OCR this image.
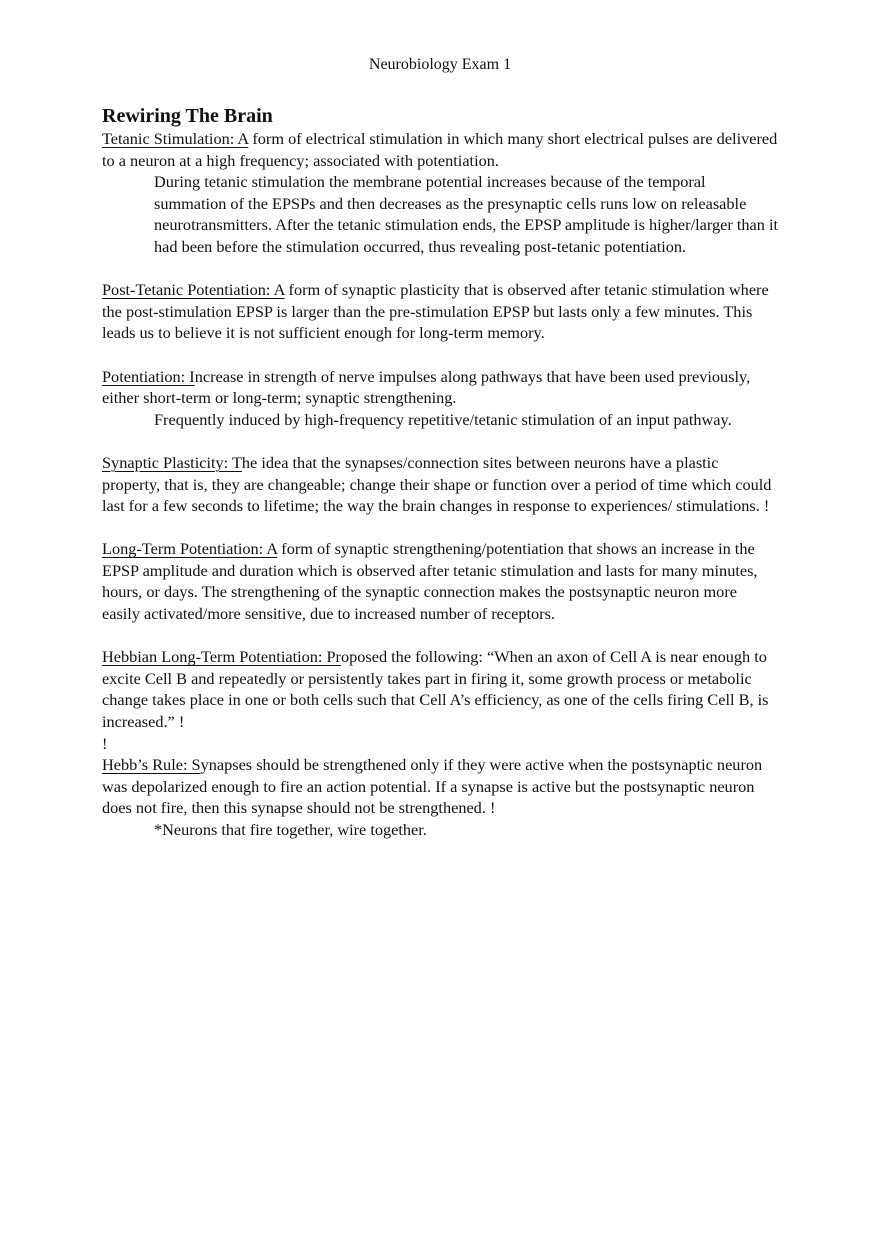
Neurobiology Exam 1
Rewiring The Brain

Tetanic Stimulation: A form of electrical stimulation in which many short electrical pulses are delivered to a neuron at a high frequency; associated with potentiation.

During tetanic stimulation the membrane potential increases because of the temporal summation of the EPSPs and then decreases as the presynaptic cells runs low on releasable neurotransmitters. After the tetanic stimulation ends, the EPSP amplitude is higher/larger than it had been before the stimulation occurred, thus revealing post-tetanic potentiation.

Post-Tetanic Potentiation: A form of synaptic plasticity that is observed after tetanic stimulation where the post-stimulation EPSP is larger than the pre-stimulation EPSP but lasts only a few minutes. This leads us to believe it is not sufficient enough for long-term memory.

Potentiation: Increase in strength of nerve impulses along pathways that have been used previously, either short-term or long-term; synaptic strengthening.

Frequently induced by high-frequency repetitive/tetanic stimulation of an input pathway.

Synaptic Plasticity: The idea that the synapses/connection sites between neurons have a plastic property, that is, they are changeable; change their shape or function over a period of time which could last for a few seconds to lifetime; the way the brain changes in response to experiences/ stimulations. !

Long-Term Potentiation: A form of synaptic strengthening/potentiation that shows an increase in the EPSP amplitude and duration which is observed after tetanic stimulation and lasts for many minutes, hours, or days. The strengthening of the synaptic connection makes the postsynaptic neuron more easily activated/more sensitive, due to increased number of receptors.

Hebbian Long-Term Potentiation: Proposed the following: “When an axon of Cell A is near enough to excite Cell B and repeatedly or persistently takes part in firing it, some growth process or metabolic change takes place in one or both cells such that Cell A’s efficiency, as one of the cells firing Cell B, is increased.” !

!

Hebb’s Rule: Synapses should be strengthened only if they were active when the postsynaptic neuron was depolarized enough to fire an action potential. If a synapse is active but the postsynaptic neuron does not fire, then this synapse should not be strengthened. !

*Neurons that fire together, wire together.
